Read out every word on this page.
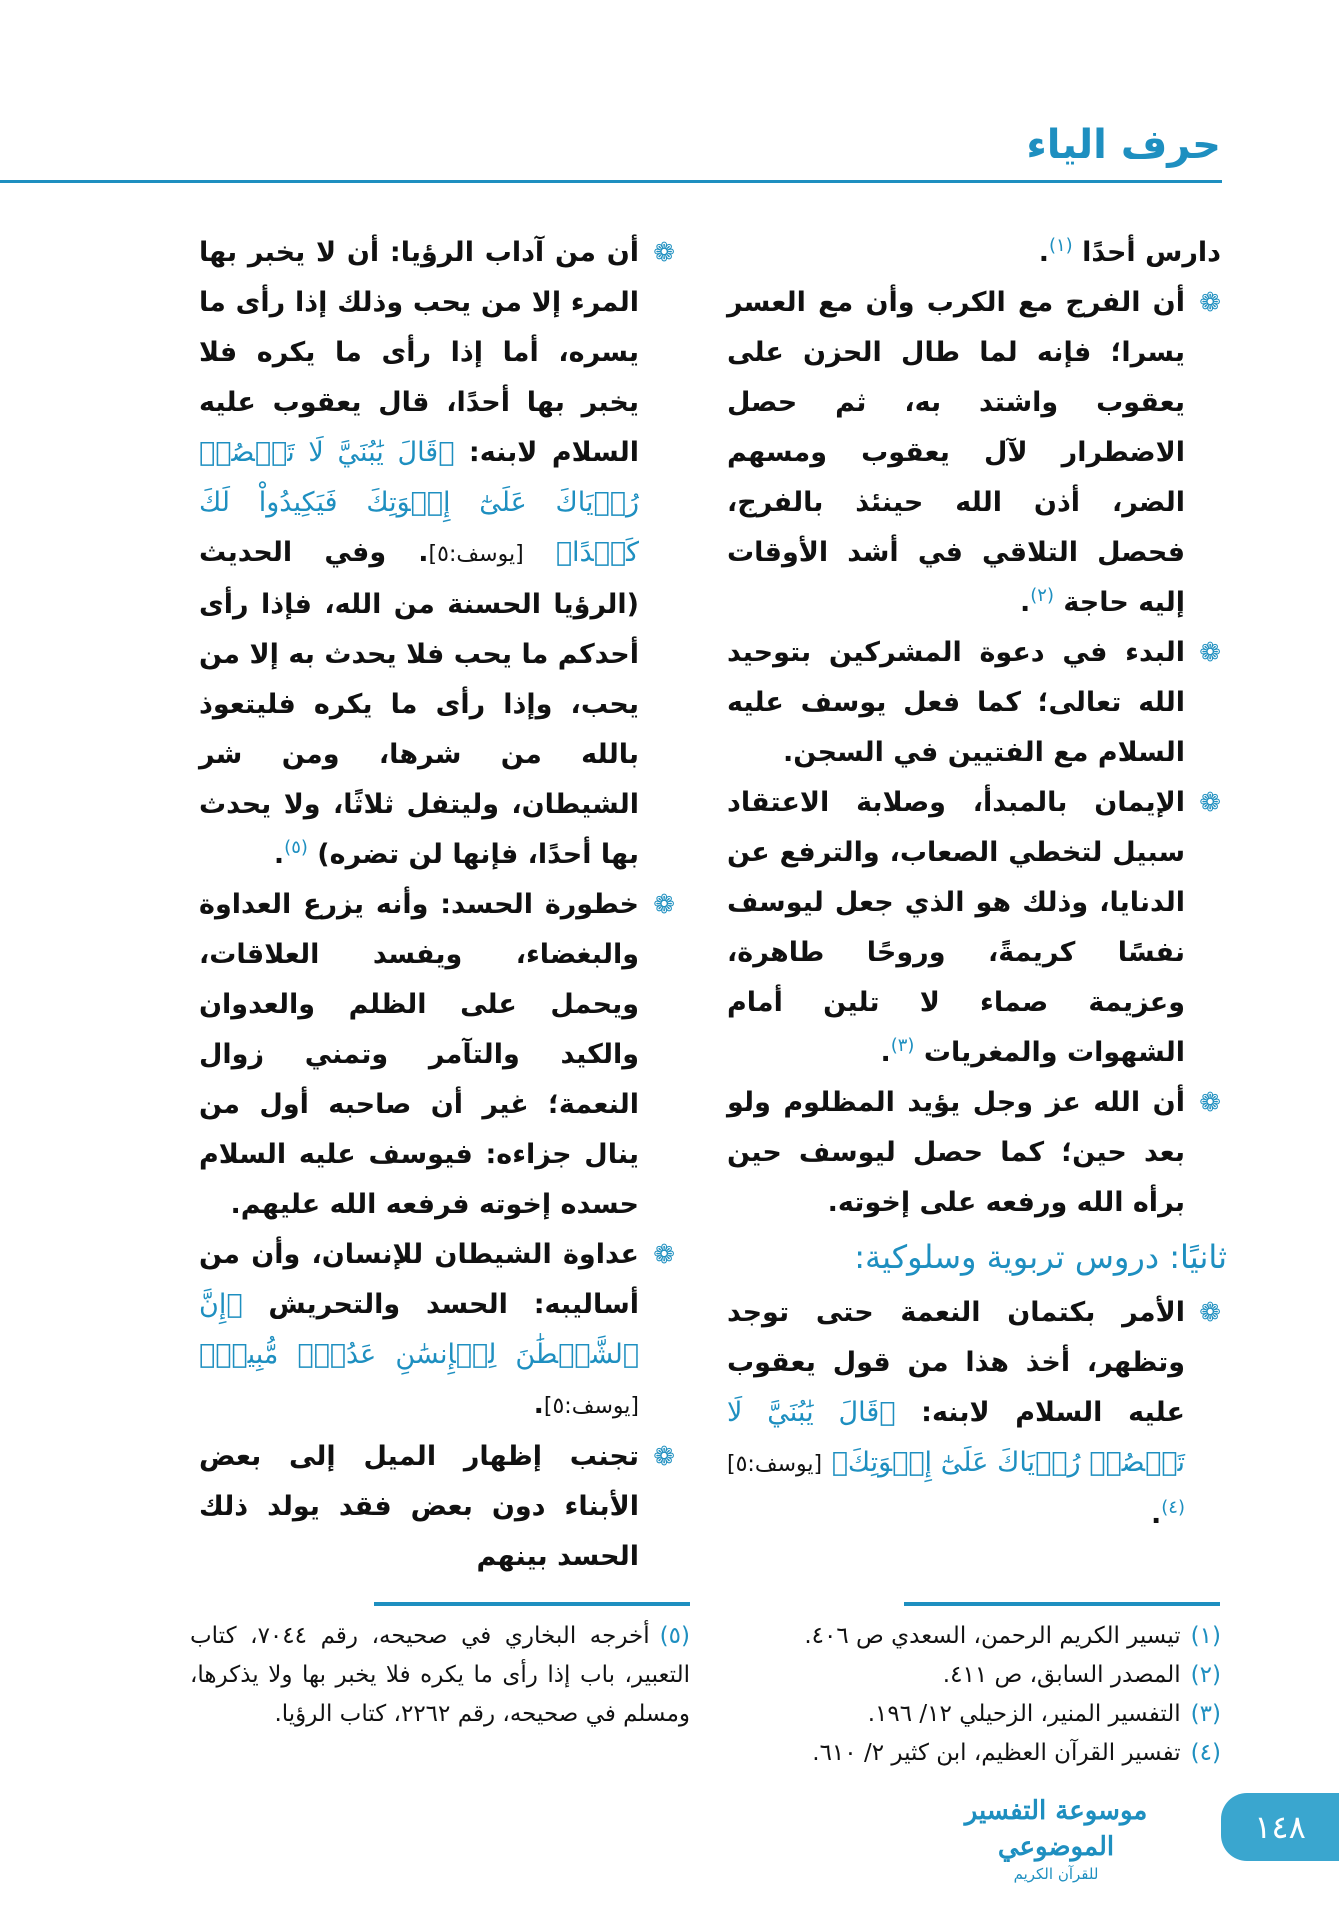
حرف الياء

دارس أحدًا $^{(١)}$.

❁
أن الفرج مع الكرب وأن مع العسر يسرا؛ فإنه لما طال الحزن على يعقوب واشتد به، ثم حصل الاضطرار لآل يعقوب ومسهم الضر، أذن الله حينئذ بالفرج، فحصل التلاقي في أشد الأوقات إليه حاجة $^{(٢)}$.

❁
البدء في دعوة المشركين بتوحيد الله تعالى؛ كما فعل يوسف عليه السلام مع الفتيين في السجن.

❁
الإيمان بالمبدأ، وصلابة الاعتقاد سبيل لتخطي الصعاب، والترفع عن الدنايا، وذلك هو الذي جعل ليوسف نفسًا كريمةً، وروحًا طاهرة، وعزيمة صماء لا تلين أمام الشهوات والمغريات $^{(٣)}$.

❁
أن الله عز وجل يؤيد المظلوم ولو بعد حين؛ كما حصل ليوسف حين برأه الله ورفعه على إخوته.

ثانيًا: دروس تربوية وسلوكية:

❁
الأمر بكتمان النعمة حتى توجد وتظهر، أخذ هذا من قول يعقوب عليه السلام لابنه: ﴿قَالَ يَٰبُنَيَّ لَا تَقۡصُصۡ رُءۡيَاكَ عَلَىٰٓ إِخۡوَتِكَ﴾ [يوسف:٥]$^{(٤)}$.

❁
أن من آداب الرؤيا: أن لا يخبر بها المرء إلا من يحب وذلك إذا رأى ما يسره، أما إذا رأى ما يكره فلا يخبر بها أحدًا، قال يعقوب عليه السلام لابنه: ﴿قَالَ يَٰبُنَيَّ لَا تَقۡصُصۡ رُءۡيَاكَ عَلَىٰٓ إِخۡوَتِكَ فَيَكِيدُواْ لَكَ كَيۡدًا﴾ [يوسف:٥]. وفي الحديث (الرؤيا الحسنة من الله، فإذا رأى أحدكم ما يحب فلا يحدث به إلا من يحب، وإذا رأى ما يكره فليتعوذ بالله من شرها، ومن شر الشيطان، وليتفل ثلاثًا، ولا يحدث بها أحدًا، فإنها لن تضره) $^{(٥)}$.

❁
خطورة الحسد: وأنه يزرع العداوة والبغضاء، ويفسد العلاقات، ويحمل على الظلم والعدوان والكيد والتآمر وتمني زوال النعمة؛ غير أن صاحبه أول من ينال جزاءه: فيوسف عليه السلام حسده إخوته فرفعه الله عليهم.

❁
عداوة الشيطان للإنسان، وأن من أساليبه: الحسد والتحريش ﴿إِنَّ ٱلشَّيۡطَٰنَ لِلۡإِنسَٰنِ عَدُوّٞ مُّبِينٞ﴾ [يوسف:٥].

❁
تجنب إظهار الميل إلى بعض الأبناء دون بعض فقد يولد ذلك الحسد بينهم

(١)تيسير الكريم الرحمن، السعدي ص ٤٠٦.
(٢)المصدر السابق، ص ٤١١.
(٣)التفسير المنير، الزحيلي ١٢/ ١٩٦.
(٤)تفسير القرآن العظيم، ابن كثير ٢/ ٦١٠.
(٥)أخرجه البخاري في صحيحه، رقم ٧٠٤٤، كتاب التعبير، باب إذا رأى ما يكره فلا يخبر بها ولا يذكرها، ومسلم في صحيحه، رقم ٢٢٦٢، كتاب الرؤيا.
موسوعة التفسير الموضوعي
للقرآن الكريم
١٤٨
